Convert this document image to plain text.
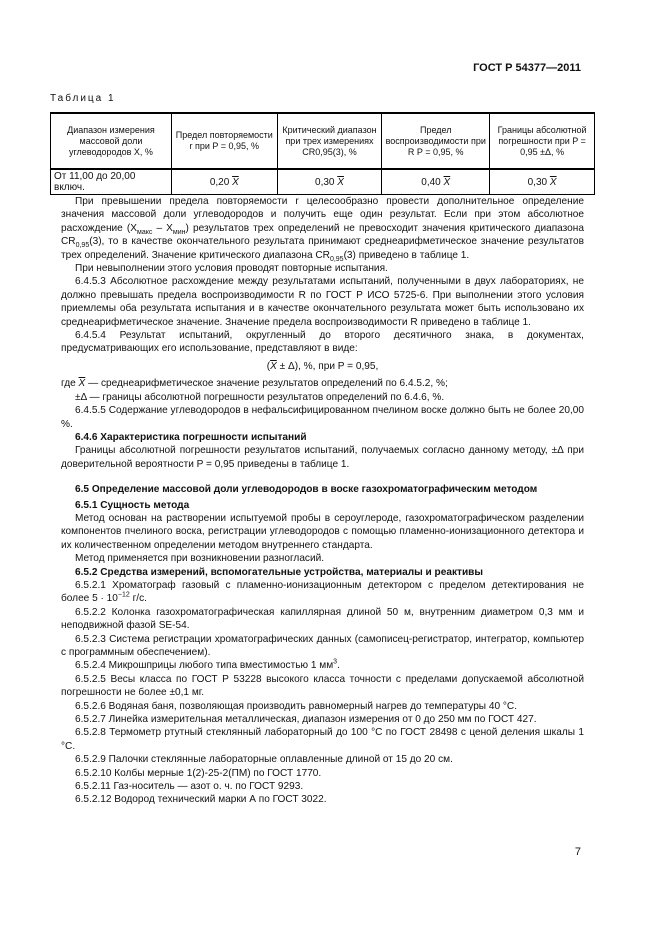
ГОСТ Р 54377—2011
Таблица 1
Диапазон измерения массовой доли углеводородов X, %	Предел повторяемости r при P = 0,95, %	Критический диапазон при трех измерениях CR0,95(3), %	Предел воспроизводимости при R P = 0,95, %	Границы абсолютной погрешности при P = 0,95 ±Δ, %
От 11,00 до 20,00 включ.	0,20 $\overline{X}$	0,30 $\overline{X}$	0,40 $\overline{X}$	0,30 $\overline{X}$

При превышении предела повторяемости r целесообразно провести дополнительное определение значения массовой доли углеводородов и получить еще один результат. Если при этом абсолютное расхождение $(X_{макс} - X_{мин})$ результатов трех определений не превосходит значения критического диапазона $CR_{0,95}(3)$, то в качестве окончательного результата принимают среднеарифметическое значение результатов трех определений. Значение критического диапазона $CR_{0,95}(3)$ приведено в таблице 1.

При невыполнении этого условия проводят повторные испытания.

6.4.5.3 Абсолютное расхождение между результатами испытаний, полученными в двух лабораториях, не должно превышать предела воспроизводимости R по ГОСТ Р ИСО 5725-6. При выполнении этого условия приемлемы оба результата испытания и в качестве окончательного результата может быть использовано их среднеарифметическое значение. Значение предела воспроизводимости R приведено в таблице 1.

6.4.5.4 Результат испытаний, округленный до второго десятичного знака, в документах, предусматривающих его использование, представляют в виде:

$(\overline{X} \pm \Delta)$, %, при P = 0,95,

где $\overline{X}$ — среднеарифметическое значение результатов определений по 6.4.5.2, %;

±Δ — границы абсолютной погрешности результатов определений по 6.4.6, %.

6.4.5.5 Содержание углеводородов в нефальсифицированном пчелином воске должно быть не более 20,00 %.

6.4.6 Характеристика погрешности испытаний

Границы абсолютной погрешности результатов испытаний, получаемых согласно данному методу, ±Δ при доверительной вероятности P = 0,95 приведены в таблице 1.

6.5 Определение массовой доли углеводородов в воске газохроматографическим методом

6.5.1 Сущность метода

Метод основан на растворении испытуемой пробы в сероуглероде, газохроматографическом разделении компонентов пчелиного воска, регистрации углеводородов с помощью пламенно-ионизационного детектора и их количественном определении методом внутреннего стандарта.

Метод применяется при возникновении разногласий.

6.5.2 Средства измерений, вспомогательные устройства, материалы и реактивы

6.5.2.1 Хроматограф газовый с пламенно-ионизационным детектором с пределом детектирования не более $5 \cdot 10^{-12}$ г/с.

6.5.2.2 Колонка газохроматографическая капиллярная длиной 50 м, внутренним диаметром 0,3 мм и неподвижной фазой SE-54.

6.5.2.3 Система регистрации хроматографических данных (самописец-регистратор, интегратор, компьютер с программным обеспечением).

6.5.2.4 Микрошприцы любого типа вместимостью 1 $мм^3$.

6.5.2.5 Весы класса по ГОСТ Р 53228 высокого класса точности с пределами допускаемой абсолютной погрешности не более ±0,1 мг.

6.5.2.6 Водяная баня, позволяющая производить равномерный нагрев до температуры 40 °С.

6.5.2.7 Линейка измерительная металлическая, диапазон измерения от 0 до 250 мм по ГОСТ 427.

6.5.2.8 Термометр ртутный стеклянный лабораторный до 100 °С по ГОСТ 28498 с ценой деления шкалы 1 °С.

6.5.2.9 Палочки стеклянные лабораторные оплавленные длиной от 15 до 20 см.

6.5.2.10 Колбы мерные 1(2)-25-2(ПМ) по ГОСТ 1770.

6.5.2.11 Газ-носитель — азот о. ч. по ГОСТ 9293.

6.5.2.12 Водород технический марки А по ГОСТ 3022.

7
